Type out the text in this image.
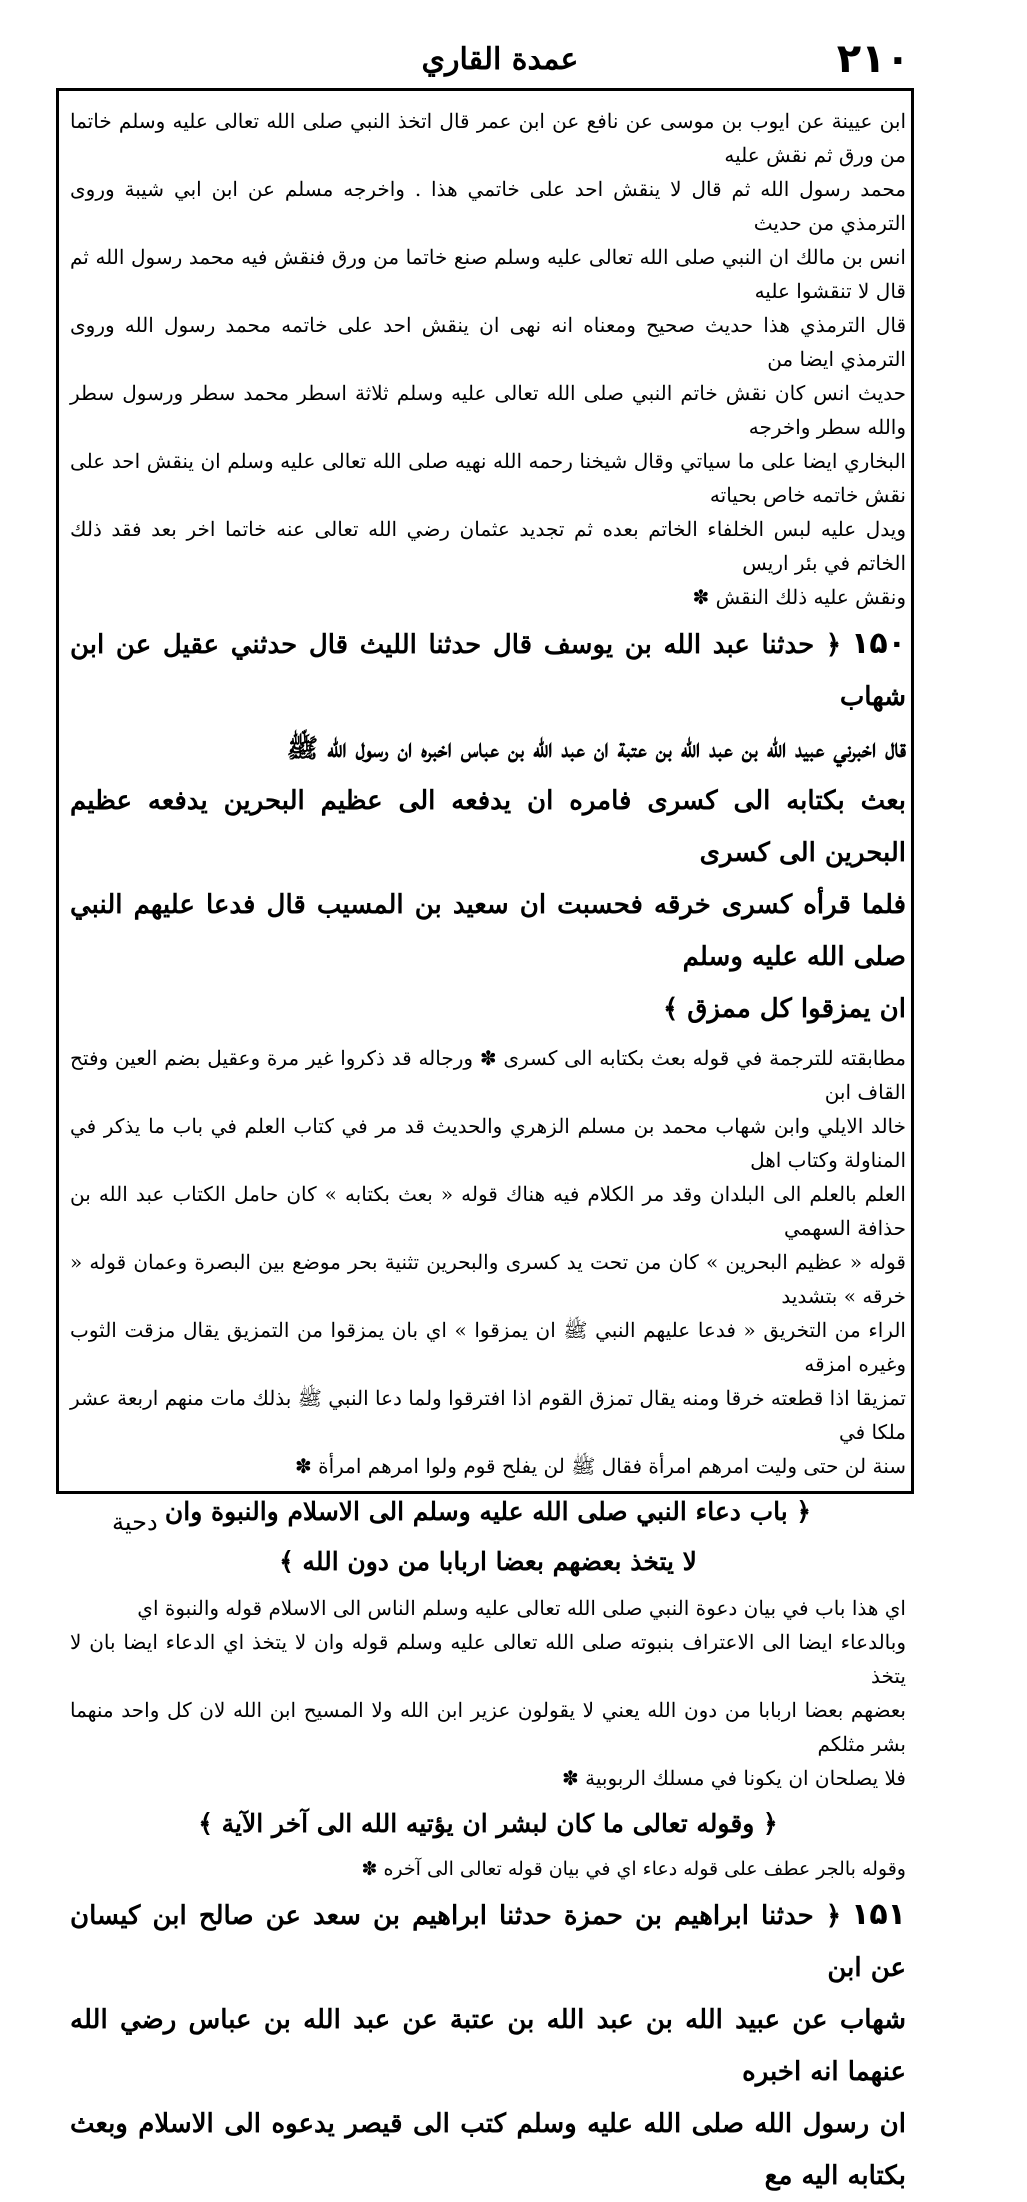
۲۱۰
عمدة القاري

ابن عيينة عن ايوب بن موسى عن نافع عن ابن عمر قال اتخذ النبي صلى الله تعالى عليه وسلم خاتما من ورق ثم نقش عليه

محمد رسول الله ثم قال لا ينقش احد على خاتمي هذا . واخرجه مسلم عن ابن ابي شيبة وروى الترمذي من حديث

انس بن مالك ان النبي صلى الله تعالى عليه وسلم صنع خاتما من ورق فنقش فيه محمد رسول الله ثم قال لا تنقشوا عليه

قال الترمذي هذا حديث صحيح ومعناه انه نهى ان ينقش احد على خاتمه محمد رسول الله وروى الترمذي ايضا من

حديث انس كان نقش خاتم النبي صلى الله تعالى عليه وسلم ثلاثة اسطر محمد سطر ورسول سطر والله سطر واخرجه

البخاري ايضا على ما سياتي وقال شيخنا رحمه الله نهيه صلى الله تعالى عليه وسلم ان ينقش احد على نقش خاتمه خاص بحياته

ويدل عليه لبس الخلفاء الخاتم بعده ثم تجديد عثمان رضي الله تعالى عنه خاتما اخر بعد فقد ذلك الخاتم في بئر اريس

ونقش عليه ذلك النقش ✽

۱۵۰﴿ حدثنا عبد الله بن يوسف قال حدثنا الليث قال حدثني عقيل عن ابن شهاب
قال اخبرني عبيد الله بن عبد الله بن عتبة ان عبد الله بن عباس اخبره ان رسول الله ﷺ
بعث بكتابه الى كسرى فامره ان يدفعه الى عظيم البحرين يدفعه عظيم البحرين الى كسرى
فلما قرأه كسرى خرقه فحسبت ان سعيد بن المسيب قال فدعا عليهم النبي صلى الله عليه وسلم
ان يمزقوا كل ممزق ﴾

مطابقته للترجمة في قوله بعث بكتابه الى كسرى ✽ ورجاله قد ذكروا غير مرة وعقيل بضم العين وفتح القاف ابن

خالد الايلي وابن شهاب محمد بن مسلم الزهري والحديث قد مر في كتاب العلم في باب ما يذكر في المناولة وكتاب اهل

العلم بالعلم الى البلدان وقد مر الكلام فيه هناك قوله « بعث بكتابه » كان حامل الكتاب عبد الله بن حذافة السهمي

قوله « عظيم البحرين » كان من تحت يد كسرى والبحرين تثنية بحر موضع بين البصرة وعمان قوله « خرقه » بتشديد

الراء من التخريق « فدعا عليهم النبي ﷺ ان يمزقوا » اي بان يمزقوا من التمزيق يقال مزقت الثوب وغيره امزقه

تمزيقا اذا قطعته خرقا ومنه يقال تمزق القوم اذا افترقوا ولما دعا النبي ﷺ بذلك مات منهم اربعة عشر ملكا في

سنة لن حتى وليت امرهم امرأة فقال ﷺ لن يفلح قوم ولوا امرهم امرأة ✽

﴿ باب دعاء النبي صلى الله عليه وسلم الى الاسلام والنبوة وان
لا يتخذ بعضهم بعضا اربابا من دون الله ﴾

اي هذا باب في بيان دعوة النبي صلى الله تعالى عليه وسلم الناس الى الاسلام قوله والنبوة اي

وبالدعاء ايضا الى الاعتراف بنبوته صلى الله تعالى عليه وسلم قوله وان لا يتخذ اي الدعاء ايضا بان لا يتخذ

بعضهم بعضا اربابا من دون الله يعني لا يقولون عزير ابن الله ولا المسيح ابن الله لان كل واحد منهما بشر مثلكم

فلا يصلحان ان يكونا في مسلك الربوبية ✽

﴿ وقوله تعالى ما كان لبشر ان يؤتيه الله الى آخر الآية ﴾

وقوله بالجر عطف على قوله دعاء اي في بيان قوله تعالى الى آخره ✽

۱۵۱﴿ حدثنا ابراهيم بن حمزة حدثنا ابراهيم بن سعد عن صالح ابن كيسان عن ابن
شهاب عن عبيد الله بن عبد الله بن عتبة عن عبد الله بن عباس رضي الله عنهما انه اخبره
ان رسول الله صلى الله عليه وسلم كتب الى قيصر يدعوه الى الاسلام وبعث بكتابه اليه مع
دحية
